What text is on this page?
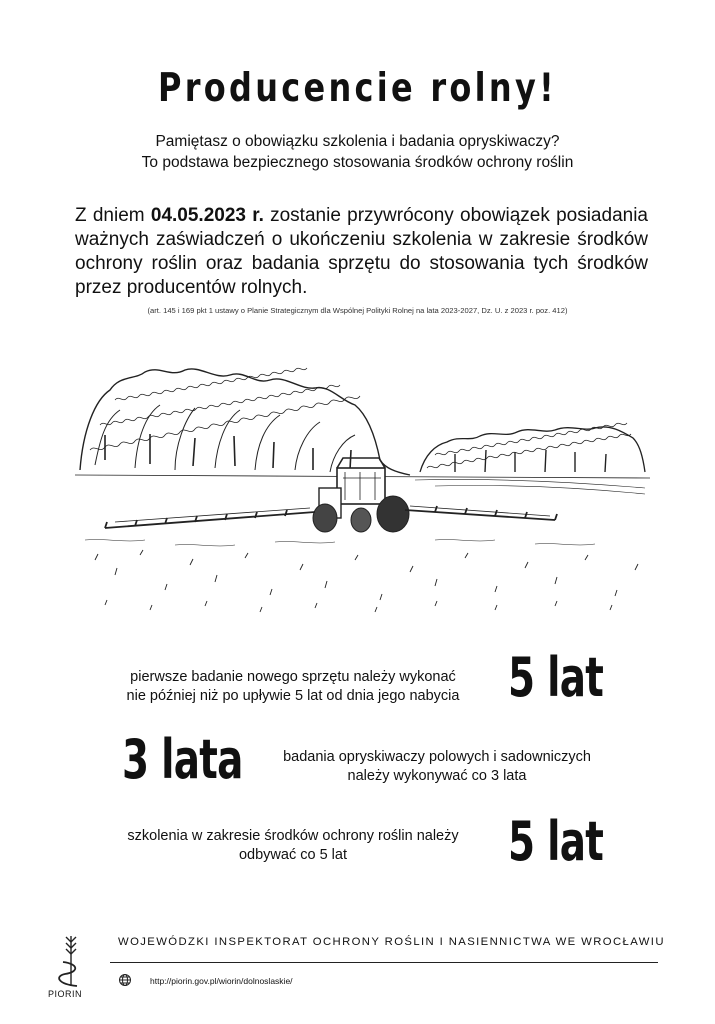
Producencie rolny!
Pamiętasz o obowiązku szkolenia i badania opryskiwaczy?
To podstawa bezpiecznego stosowania środków ochrony roślin
Z dniem 04.05.2023 r. zostanie przywrócony obowiązek posiadania ważnych zaświadczeń o ukończeniu szkolenia w zakresie środków ochrony roślin oraz badania sprzętu do stosowania tych środków przez producentów rolnych.
(art. 145 i 169 pkt 1 ustawy o Planie Strategicznym dla Wspólnej Polityki Rolnej na lata 2023-2027, Dz. U. z 2023 r. poz. 412)
pierwsze badanie nowego sprzętu należy wykonać
nie później niż po upływie 5 lat od dnia jego nabycia 5 lat
3 lata	badania opryskiwaczy polowych i sadowniczych
należy wykonywać co 3 lata
szkolenia w zakresie środków ochrony roślin należy
odbywać co 5 lat	5 lat
PIORIN
WOJEWÓDZKI INSPEKTORAT OCHRONY ROŚLIN I NASIENNICTWA WE WROCŁAWIU
http://piorin.gov.pl/wiorin/dolnoslaskie/
